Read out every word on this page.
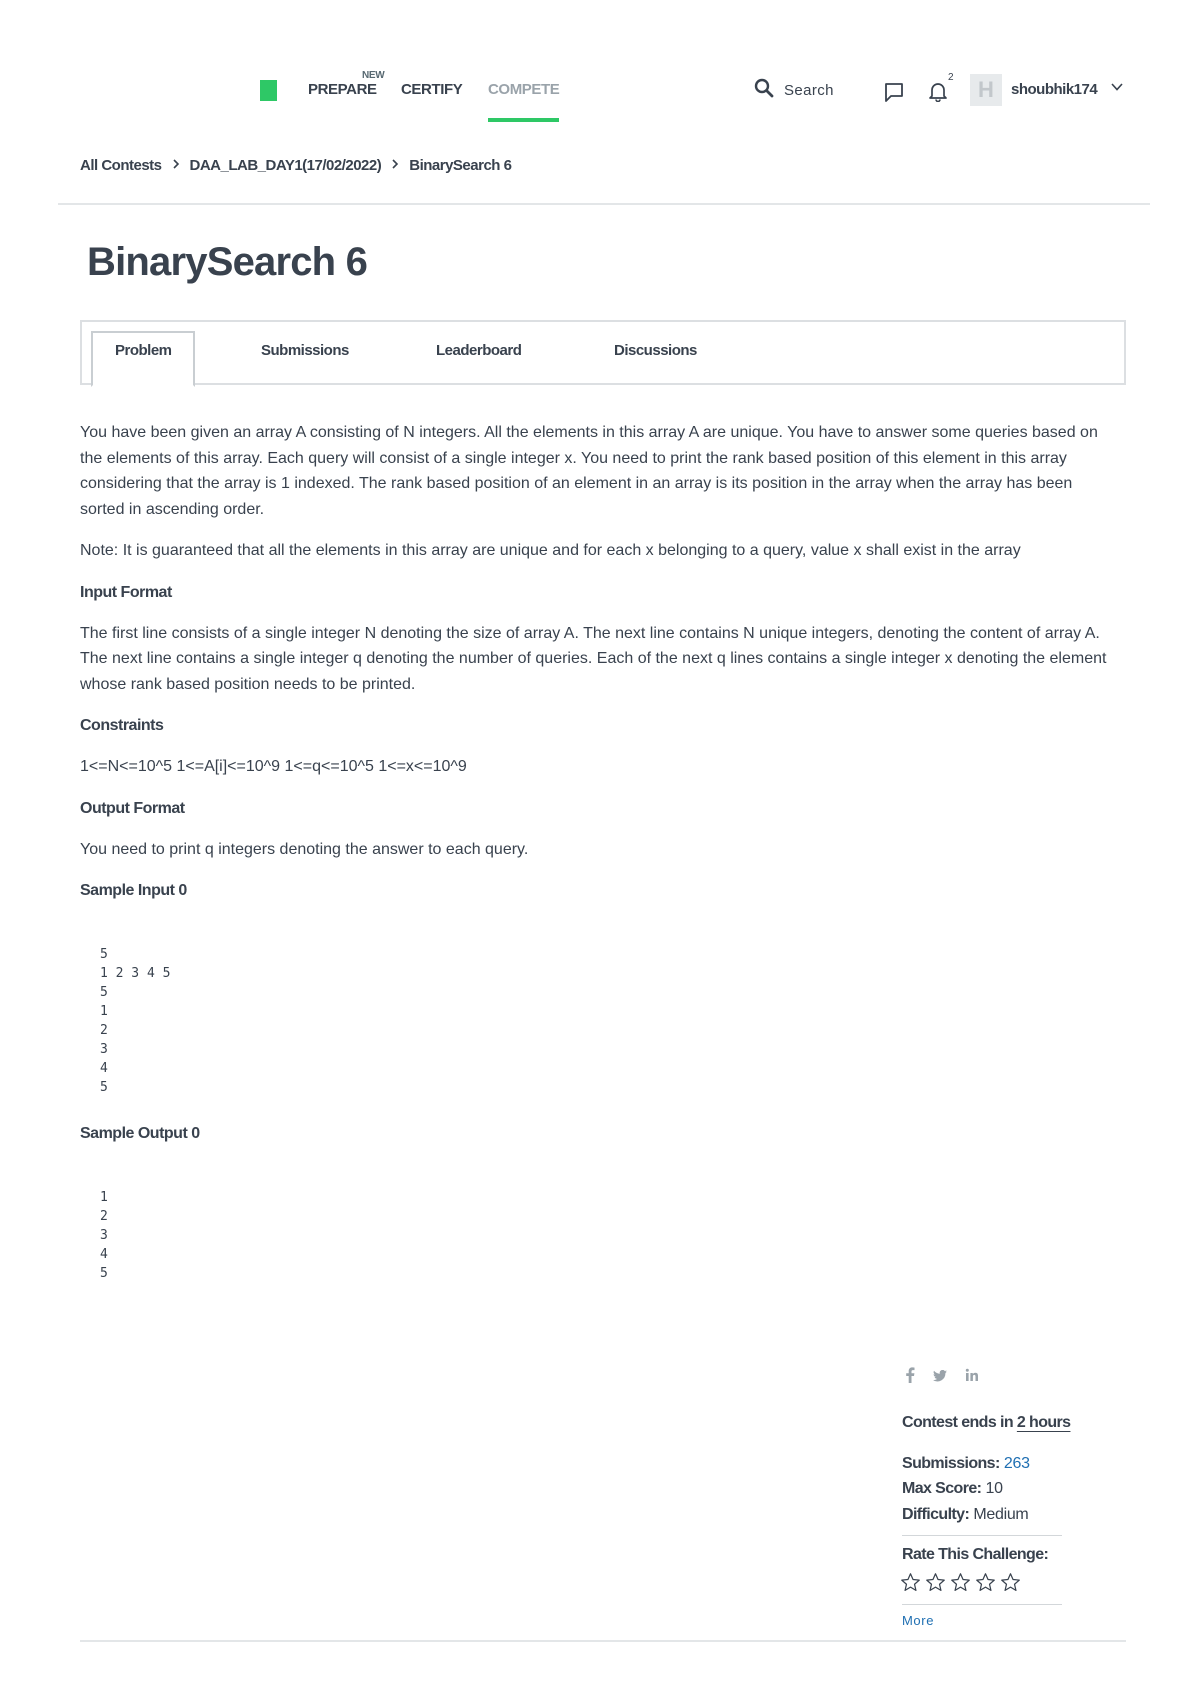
PREPARE
NEW
CERTIFY COMPETE	Search
2	H	shoubhik174
All Contests DAA_LAB_DAY1(17/02/2022) BinarySearch 6
BinarySearch 6
Problem	Submissions	Leaderboard	Discussions

You have been given an array A consisting of N integers. All the elements in this array A are unique. You have to answer some queries based on the elements of this array. Each query will consist of a single integer x. You need to print the rank based position of this element in this array considering that the array is 1 indexed. The rank based position of an element in an array is its position in the array when the array has been sorted in ascending order.

Note: It is guaranteed that all the elements in this array are unique and for each x belonging to a query, value x shall exist in the array

Input Format

The first line consists of a single integer N denoting the size of array A. The next line contains N unique integers, denoting the content of array A. The next line contains a single integer q denoting the number of queries. Each of the next q lines contains a single integer x denoting the element whose rank based position needs to be printed.

Constraints

1<=N<=10^5 1<=A[i]<=10^9 1<=q<=10^5 1<=x<=10^9

Output Format

You need to print q integers denoting the answer to each query.

Sample Input 0
5
1 2 3 4 5
5
1
2
3
4
5
Sample Output 0
1
2
3
4
5
Contest ends in 2 hours
Submissions: 263
Max Score: 10
Difficulty: Medium
Rate This Challenge:
More
